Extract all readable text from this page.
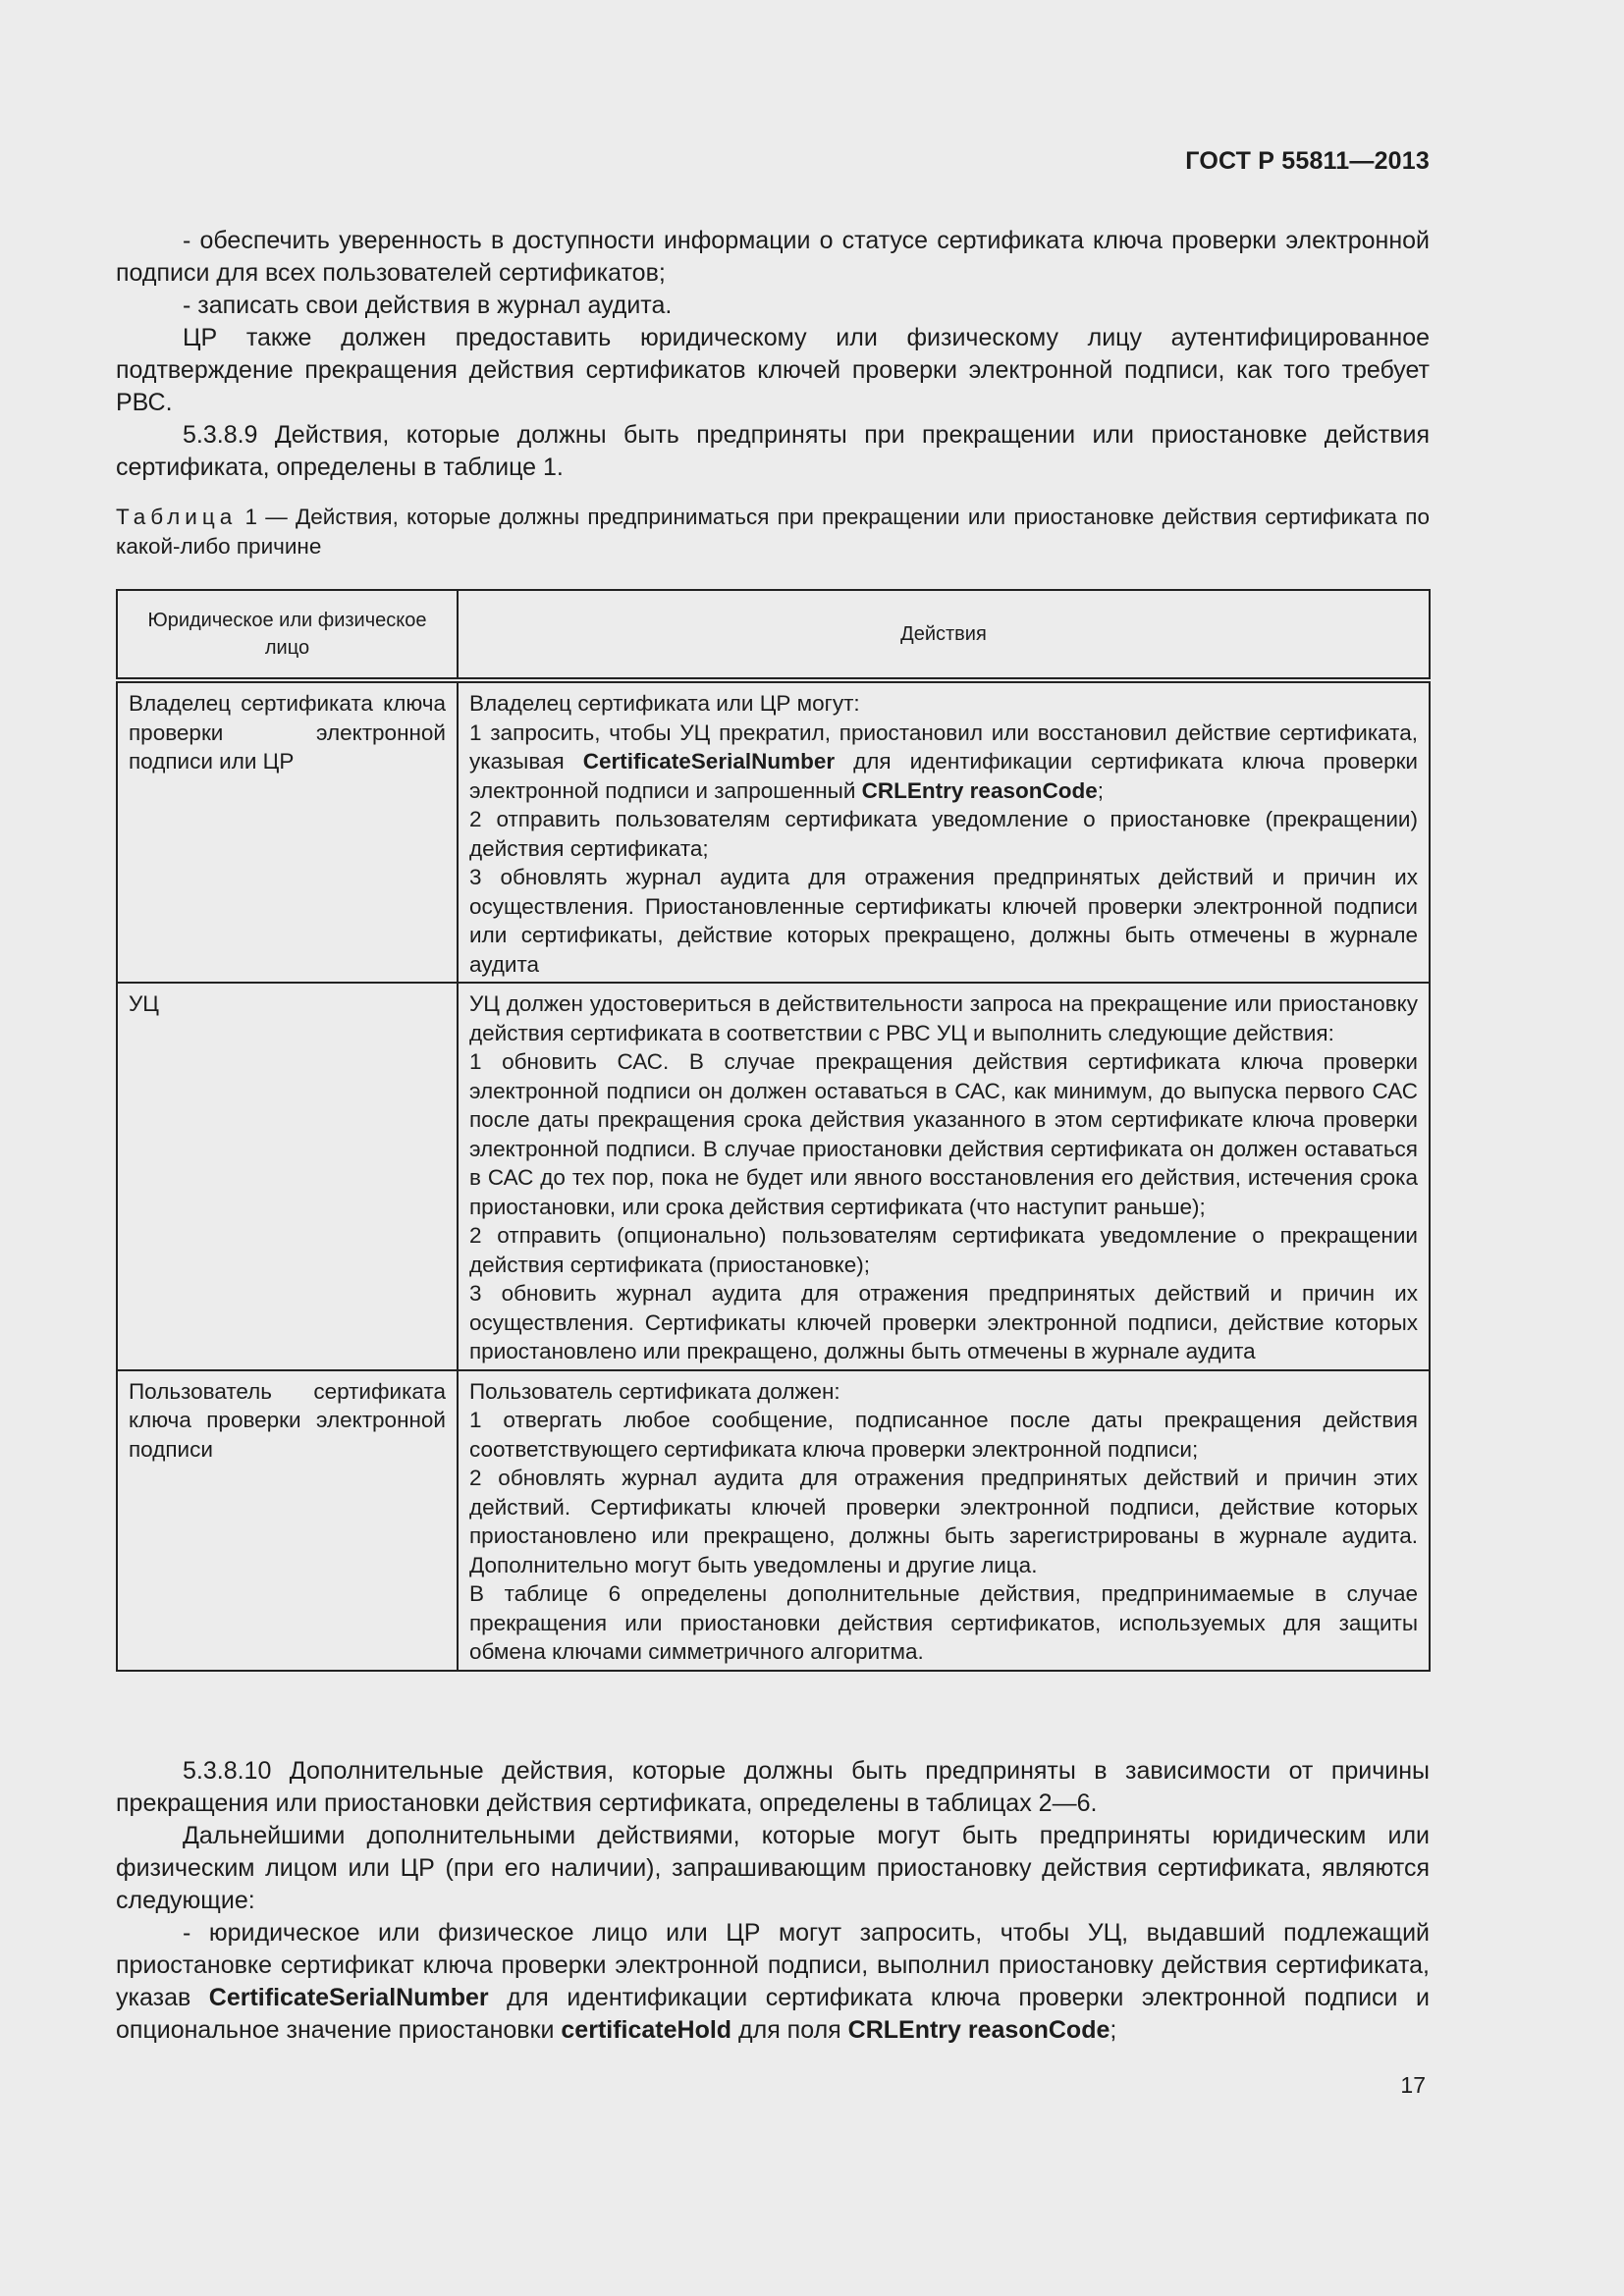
ГОСТ Р 55811—2013

- обеспечить уверенность в доступности информации о статусе сертификата ключа проверки электронной подписи для всех пользователей сертификатов;

- записать свои действия в журнал аудита.

ЦР также должен предоставить юридическому или физическому лицу аутентифицированное подтверждение прекращения действия сертификатов ключей проверки электронной подписи, как того требует РВС.

5.3.8.9 Действия, которые должны быть предприняты при прекращении или приостановке действия сертификата, определены в таблице 1.

Таблица 1 — Действия, которые должны предприниматься при прекращении или приостановке действия сертификата по какой-либо причине
Юридическое или физическое лицо	Действия
Владелец сертификата ключа проверки электронной подписи или ЦР	Владелец сертификата или ЦР могут:
1 запросить, чтобы УЦ прекратил, приостановил или восстановил действие сертификата, указывая CertificateSerialNumber для идентификации сертификата ключа проверки электронной подписи и запрошенный CRLEntry reasonCode;
2 отправить пользователям сертификата уведомление о приостановке (прекращении) действия сертификата;
3 обновлять журнал аудита для отражения предпринятых действий и причин их осуществления. Приостановленные сертификаты ключей проверки электронной подписи или сертификаты, действие которых прекращено, должны быть отмечены в журнале аудита

УЦ	УЦ должен удостовериться в действительности запроса на прекращение или приостановку действия сертификата в соответствии с РВС УЦ и выполнить следующие действия:
1 обновить САС. В случае прекращения действия сертификата ключа проверки электронной подписи он должен оставаться в САС, как минимум, до выпуска первого САС после даты прекращения срока действия указанного в этом сертификате ключа проверки электронной подписи. В случае приостановки действия сертификата он должен оставаться в САС до тех пор, пока не будет или явного восстановления его действия, истечения срока приостановки, или срока действия сертификата (что наступит раньше);
2 отправить (опционально) пользователям сертификата уведомление о прекращении действия сертификата (приостановке);
3 обновить журнал аудита для отражения предпринятых действий и причин их осуществления. Сертификаты ключей проверки электронной подписи, действие которых приостановлено или прекращено, должны быть отмечены в журнале аудита

Пользователь сертификата ключа проверки электронной подписи	Пользователь сертификата должен:
1 отвергать любое сообщение, подписанное после даты прекращения действия соответствующего сертификата ключа проверки электронной подписи;
2 обновлять журнал аудита для отражения предпринятых действий и причин этих действий. Сертификаты ключей проверки электронной подписи, действие которых приостановлено или прекращено, должны быть зарегистрированы в журнале аудита. Дополнительно могут быть уведомлены и другие лица.
В таблице 6 определены дополнительные действия, предпринимаемые в случае прекращения или приостановки действия сертификатов, используемых для защиты обмена ключами симметричного алгоритма.

5.3.8.10 Дополнительные действия, которые должны быть предприняты в зависимости от причины прекращения или приостановки действия сертификата, определены в таблицах 2—6.

Дальнейшими дополнительными действиями, которые могут быть предприняты юридическим или физическим лицом или ЦР (при его наличии), запрашивающим приостановку действия сертификата, являются следующие:

- юридическое или физическое лицо или ЦР могут запросить, чтобы УЦ, выдавший подлежащий приостановке сертификат ключа проверки электронной подписи, выполнил приостановку действия сертификата, указав CertificateSerialNumber для идентификации сертификата ключа проверки электронной подписи и опциональное значение приостановки certificateHold для поля CRLEntry reasonCode;

17
